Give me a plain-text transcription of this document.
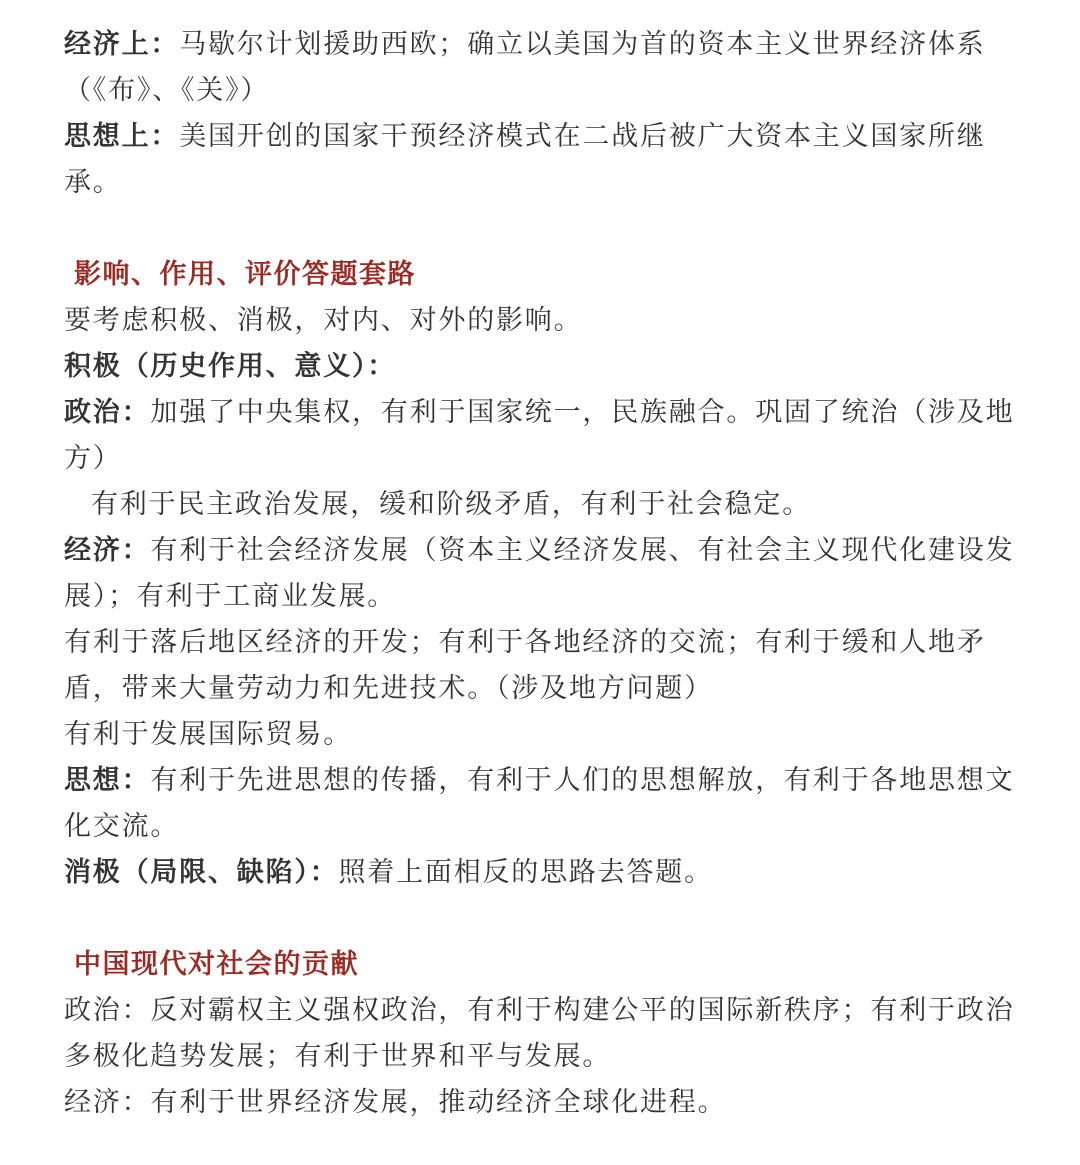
经济上：马歇尔计划援助西欧；确立以美国为首的资本主义世界经济体系（《布》、《关》）

思想上：美国开创的国家干预经济模式在二战后被广大资本主义国家所继承。

影响、作用、评价答题套路

要考虑积极、消极，对内、对外的影响。

积极（历史作用、意义）：

政治：加强了中央集权，有利于国家统一，民族融合。巩固了统治（涉及地方）

有利于民主政治发展，缓和阶级矛盾，有利于社会稳定。

经济：有利于社会经济发展（资本主义经济发展、有社会主义现代化建设发展）；有利于工商业发展。

有利于落后地区经济的开发；有利于各地经济的交流；有利于缓和人地矛盾，带来大量劳动力和先进技术。（涉及地方问题）

有利于发展国际贸易。

思想：有利于先进思想的传播，有利于人们的思想解放，有利于各地思想文化交流。

消极（局限、缺陷）：照着上面相反的思路去答题。

中国现代对社会的贡献

政治：反对霸权主义强权政治，有利于构建公平的国际新秩序；有利于政治多极化趋势发展；有利于世界和平与发展。

经济：有利于世界经济发展，推动经济全球化进程。
